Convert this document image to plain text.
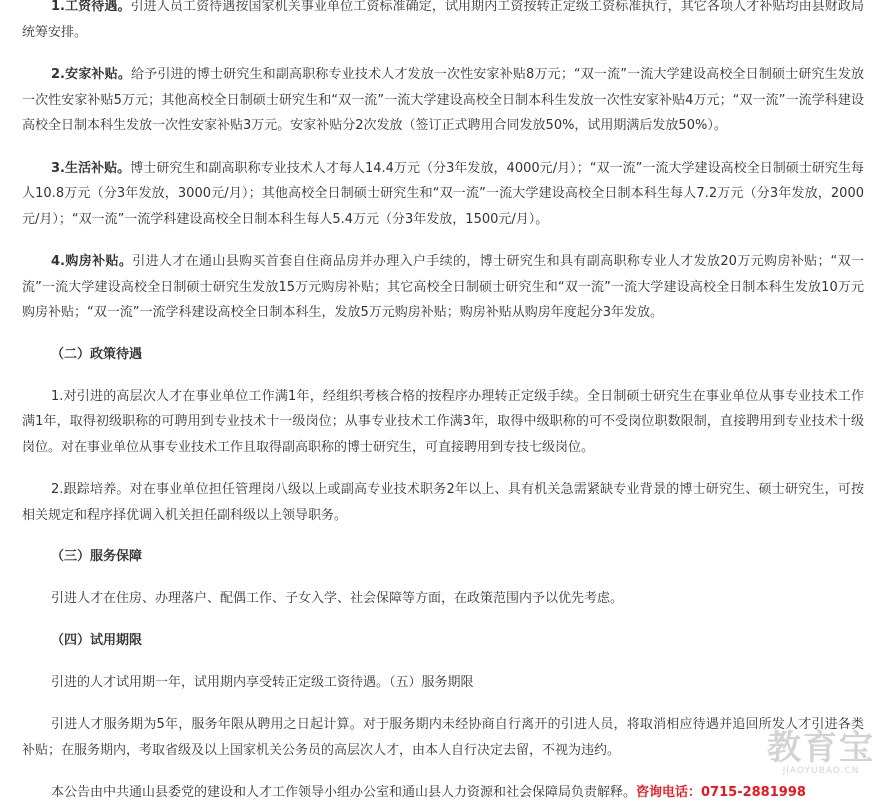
1.工资待遇。引进人员工资待遇按国家机关事业单位工资标准确定，试用期内工资按转正定级工资标准执行，其它各项人才补贴均由县财政局统筹安排。

2.安家补贴。给予引进的博士研究生和副高职称专业技术人才发放一次性安家补贴8万元；“双一流”一流大学建设高校全日制硕士研究生发放一次性安家补贴5万元；其他高校全日制硕士研究生和“双一流”一流大学建设高校全日制本科生发放一次性安家补贴4万元；“双一流”一流学科建设高校全日制本科生发放一次性安家补贴3万元。安家补贴分2次发放（签订正式聘用合同发放50%，试用期满后发放50%）。

3.生活补贴。博士研究生和副高职称专业技术人才每人14.4万元（分3年发放，4000元/月）；“双一流”一流大学建设高校全日制硕士研究生每人10.8万元（分3年发放，3000元/月）；其他高校全日制硕士研究生和“双一流”一流大学建设高校全日制本科生每人7.2万元（分3年发放，2000元/月）；“双一流”一流学科建设高校全日制本科生每人5.4万元（分3年发放，1500元/月）。

4.购房补贴。引进人才在通山县购买首套自住商品房并办理入户手续的，博士研究生和具有副高职称专业人才发放20万元购房补贴；“双一流”一流大学建设高校全日制硕士研究生发放15万元购房补贴；其它高校全日制硕士研究生和“双一流”一流大学建设高校全日制本科生发放10万元购房补贴；“双一流”一流学科建设高校全日制本科生，发放5万元购房补贴；购房补贴从购房年度起分3年发放。

（二）政策待遇

1.对引进的高层次人才在事业单位工作满1年，经组织考核合格的按程序办理转正定级手续。全日制硕士研究生在事业单位从事专业技术工作满1年，取得初级职称的可聘用到专业技术十一级岗位；从事专业技术工作满3年，取得中级职称的可不受岗位职数限制，直接聘用到专业技术十级岗位。对在事业单位从事专业技术工作且取得副高职称的博士研究生，可直接聘用到专技七级岗位。

2.跟踪培养。对在事业单位担任管理岗八级以上或副高专业技术职务2年以上、具有机关急需紧缺专业背景的博士研究生、硕士研究生，可按相关规定和程序择优调入机关担任副科级以上领导职务。

（三）服务保障

引进人才在住房、办理落户、配偶工作、子女入学、社会保障等方面，在政策范围内予以优先考虑。

（四）试用期限

引进的人才试用期一年，试用期内享受转正定级工资待遇。（五）服务期限

引进人才服务期为5年，服务年限从聘用之日起计算。对于服务期内未经协商自行离开的引进人员，将取消相应待遇并追回所发人才引进各类补贴；在服务期内，考取省级及以上国家机关公务员的高层次人才，由本人自行决定去留，不视为违约。

本公告由中共通山县委党的建设和人才工作领导小组办公室和通山县人力资源和社会保障局负责解释。咨询电话：0715-2881998

教育宝
JIAOYUBAO.CN
